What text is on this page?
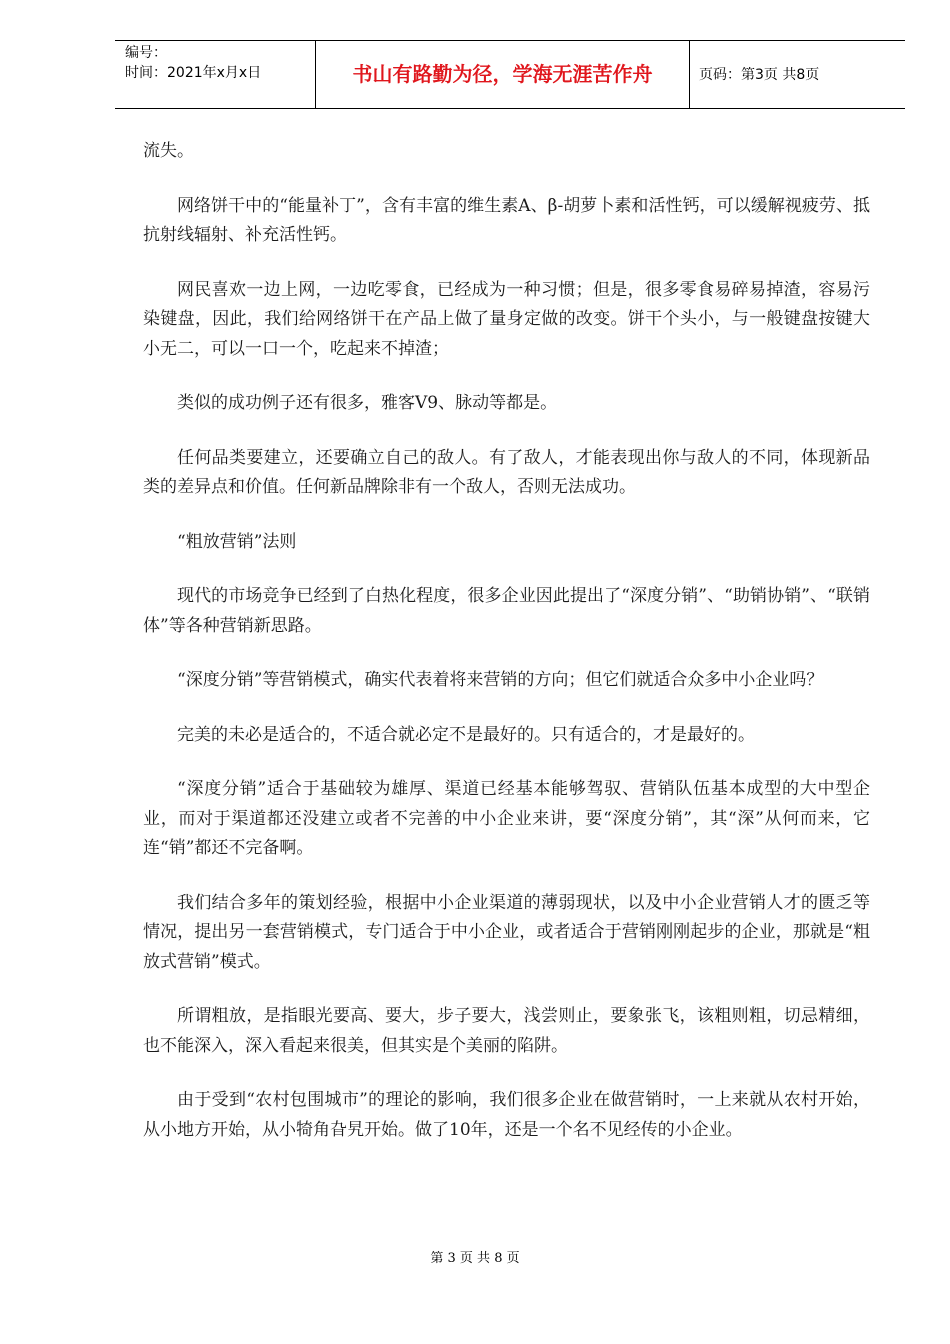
编号：
时间：2021年x月x日	书山有路勤为径，学海无涯苦作舟	页码：第3页 共8页

流失。

网络饼干中的“能量补丁”，含有丰富的维生素A、β-胡萝卜素和活性钙，可以缓解视疲劳、抵抗射线辐射、补充活性钙。

网民喜欢一边上网，一边吃零食，已经成为一种习惯；但是，很多零食易碎易掉渣，容易污染键盘，因此，我们给网络饼干在产品上做了量身定做的改变。饼干个头小，与一般键盘按键大小无二，可以一口一个，吃起来不掉渣；

类似的成功例子还有很多，雅客V9、脉动等都是。

任何品类要建立，还要确立自己的敌人。有了敌人，才能表现出你与敌人的不同，体现新品类的差异点和价值。任何新品牌除非有一个敌人，否则无法成功。

“粗放营销”法则

现代的市场竞争已经到了白热化程度，很多企业因此提出了“深度分销”、“助销协销”、“联销体”等各种营销新思路。

“深度分销”等营销模式，确实代表着将来营销的方向；但它们就适合众多中小企业吗？

完美的未必是适合的，不适合就必定不是最好的。只有适合的，才是最好的。

“深度分销”适合于基础较为雄厚、渠道已经基本能够驾驭、营销队伍基本成型的大中型企业，而对于渠道都还没建立或者不完善的中小企业来讲，要“深度分销”，其“深”从何而来，它连“销”都还不完备啊。

我们结合多年的策划经验，根据中小企业渠道的薄弱现状，以及中小企业营销人才的匮乏等情况，提出另一套营销模式，专门适合于中小企业，或者适合于营销刚刚起步的企业，那就是“粗放式营销”模式。

所谓粗放，是指眼光要高、要大，步子要大，浅尝则止，要象张飞，该粗则粗，切忌精细，也不能深入，深入看起来很美，但其实是个美丽的陷阱。

由于受到“农村包围城市”的理论的影响，我们很多企业在做营销时，一上来就从农村开始，从小地方开始，从小犄角旮旯开始。做了10年，还是一个名不见经传的小企业。

第 3 页 共 8 页
